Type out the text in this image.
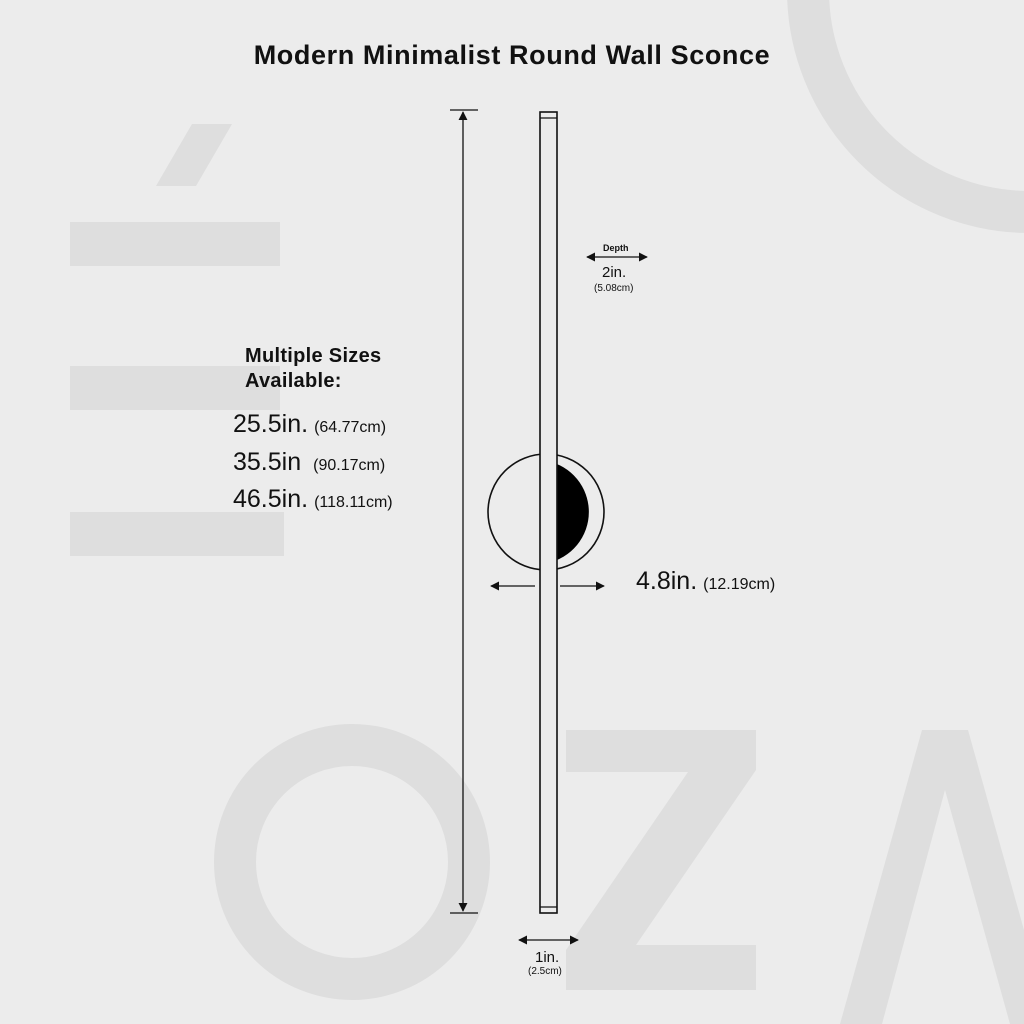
Modern Minimalist Round Wall Sconce
Multiple Sizes
Available:
25.5in. (64.77cm)
35.5in (90.17cm)
46.5in. (118.11cm)
4.8in. (12.19cm)
Depth
2in.
(5.08cm)
1in.
(2.5cm)
